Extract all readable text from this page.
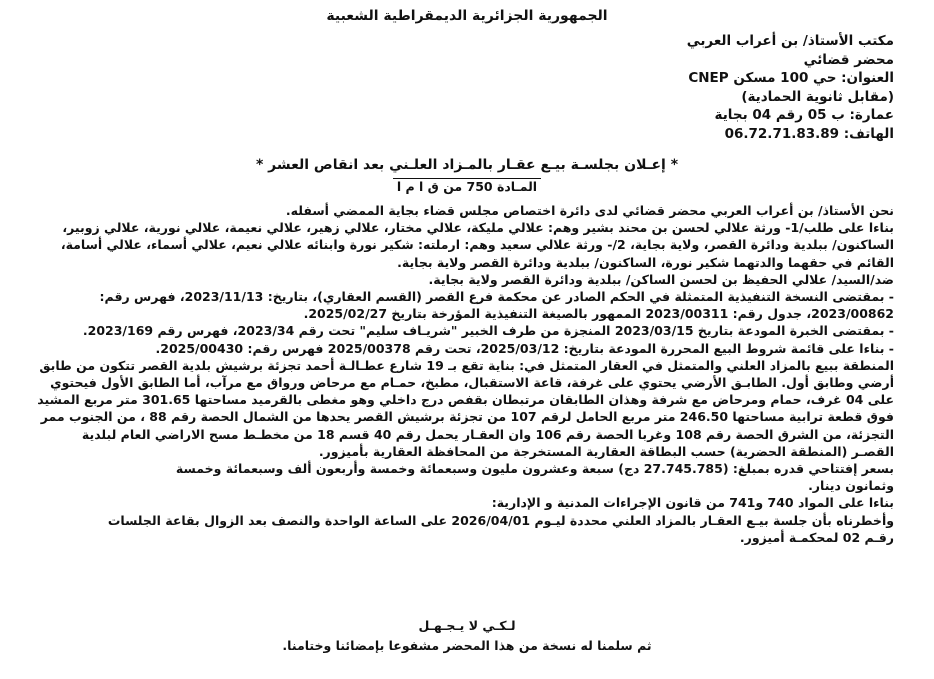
الجمهورية الجزائرية الديمقراطية الشعبية
مكتب الأستاذ/ بن أعراب العربي
محضر قضائي
العنوان: حي 100 مسكن CNEP
(مقابل ثانوية الحمادية)
عمارة: ب 05 رقم 04 بجاية
الهاتف: 06.72.71.83.89
* إعـلان بجلسـة بيـع عقـار بالمـزاد العلـني بعد انقاص العشر *
المـادة 750 من ق ا م ا
نحن الأستاذ/ بن أعراب العربي محضر قضائي لدى دائرة اختصاص مجلس قضاء بجاية الممضي أسفله.
بناءا على طلب/1- ورثة علالي لحسن بن محند بشير وهم: علالي مليكة، علالي مختار، علالي زهير، علالي نعيمة، علالي نورية، علالي زوبير،
الساكنون/ ببلدية ودائرة القصر، ولاية بجاية، 2/- ورثة علالي سعيد وهم: ارملته: شكير نورة وابنائه علالي نعيم، علالي أسماء، علالي أسامة،
القائم في حقهما والدتهما شكير نورة، الساكنون/ ببلدية ودائرة القصر ولاية بجاية.
ضد/السيد/ علالي الحفيظ بن لحسن الساكن/ ببلدية ودائرة القصر ولاية بجاية.
- بمقتضى النسخة التنفيذية المتمثلة في الحكم الصادر عن محكمة فرع القصر (القسم العقاري)، بتاريخ: 2023/11/13، فهرس رقم:
2023/00862، جدول رقم: 2023/00311 الممهور بالصيغة التنفيذية المؤرخة بتاريخ 2025/02/27.
- بمقتضى الخبرة المودعة بتاريخ 2023/03/15 المنجزة من طرف الخبير "شريـاف سليم" تحت رقم 2023/34، فهرس رقم 2023/169.
- بناءا على قائمة شروط البيع المحررة المودعة بتاريخ: 2025/03/12، تحت رقم 2025/00378 فهرس رقم: 2025/00430.
المنطقة ببيع بالمزاد العلني والمتمثل في العقار المتمثل في: بناية تقع بـ 19 شارع عطـالـة أحمد تجزئة برشيش بلدية القصر تتكون من طابق
أرضي وطابق أول. الطابـق الأرضي يحتوي على غرفة، قاعة الاستقبال، مطبخ، حمـام مع مرحاض ورواق مع مرآب، أما الطابق الأول فيحتوي
على 04 غرف، حمام ومرحاض مع شرفة وهذان الطابقان مرتبطان بقفص درج داخلي وهو مغطى بالقرميد مساحتها 301.65 متر مربع المشيد
فوق قطعة ترابية مساحتها 246.50 متر مربع الحامل لرقم 107 من تجزئة برشيش القصر يحدها من الشمال الحصة رقم 88 ، من الجنوب ممر
التجزئة، من الشرق الحصة رقم 108 وغربا الحصة رقم 106 وان العقـار يحمل رقم 40 قسم 18 من مخطـط مسح الاراضي العام لبلدية
القصـر (المنطقة الحضرية) حسب البطاقة العقارية المستخرجة من المحافظة العقارية بأميزور.
بسعر إفتتاحي قدره بمبلغ: (27.745.785 دج) سبعة وعشرون مليون وسبعمائة وخمسة وأربعون ألف وسبعمائة وخمسة
وثمانون دينار.
بناءا على المواد 740 و741 من قانون الإجراءات المدنية و الإدارية:
وأخطرناه بأن جلسة بيـع العقـار بالمزاد العلني محددة ليـوم 2026/04/01 على الساعة الواحدة والنصف بعد الزوال بقاعة الجلسات
رقـم 02 لمحكمـة أميزور.
لـكـي لا يـجـهـل
ثم سلمنا له نسخة من هذا المحضر مشفوعا بإمضائنا وختامنا.
